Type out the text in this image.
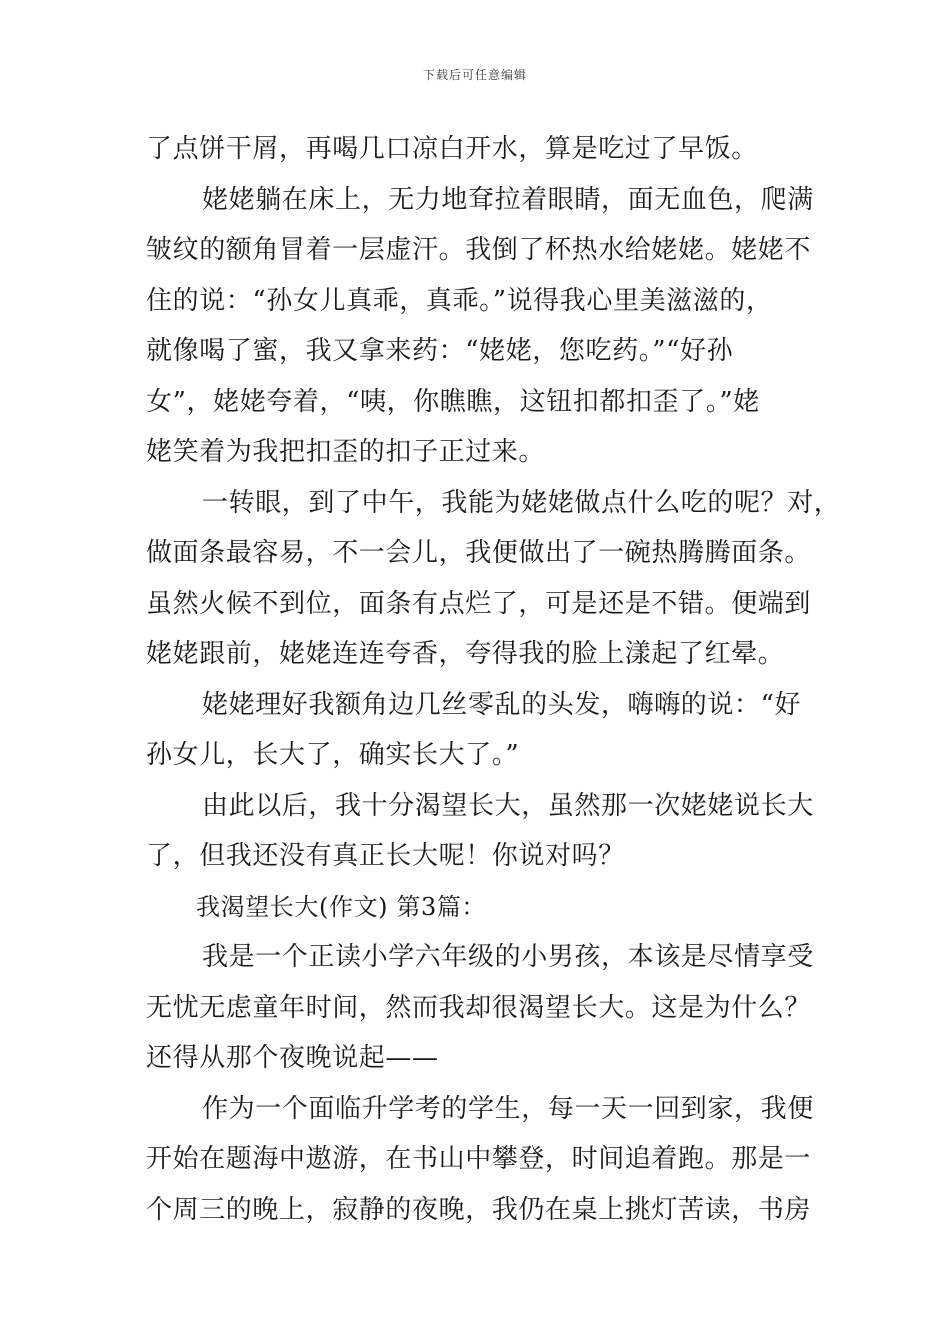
下载后可任意编辑
了点饼干屑，再喝几口凉白开水，算是吃过了早饭。
姥姥躺在床上，无力地耷拉着眼睛，面无血色，爬满
皱纹的额角冒着一层虚汗。我倒了杯热水给姥姥。姥姥不
住的说：“孙女儿真乖，真乖。”说得我心里美滋滋的，
就像喝了蜜，我又拿来药：“姥姥，您吃药。”“好孙
女”，姥姥夸着，“咦，你瞧瞧，这钮扣都扣歪了。”姥
姥笑着为我把扣歪的扣子正过来。
一转眼，到了中午，我能为姥姥做点什么吃的呢？对，
做面条最容易，不一会儿，我便做出了一碗热腾腾面条。
虽然火候不到位，面条有点烂了，可是还是不错。便端到
姥姥跟前，姥姥连连夸香，夸得我的脸上漾起了红晕。
姥姥理好我额角边几丝零乱的头发，嗨嗨的说：“好
孙女儿，长大了，确实长大了。”
由此以后，我十分渴望长大，虽然那一次姥姥说长大
了，但我还没有真正长大呢！你说对吗？
我渴望长大(作文) 第3篇：
我是一个正读小学六年级的小男孩，本该是尽情享受
无忧无虑童年时间，然而我却很渴望长大。这是为什么？
还得从那个夜晚说起——
作为一个面临升学考的学生，每一天一回到家，我便
开始在题海中遨游，在书山中攀登，时间追着跑。那是一
个周三的晚上，寂静的夜晚，我仍在桌上挑灯苦读，书房
